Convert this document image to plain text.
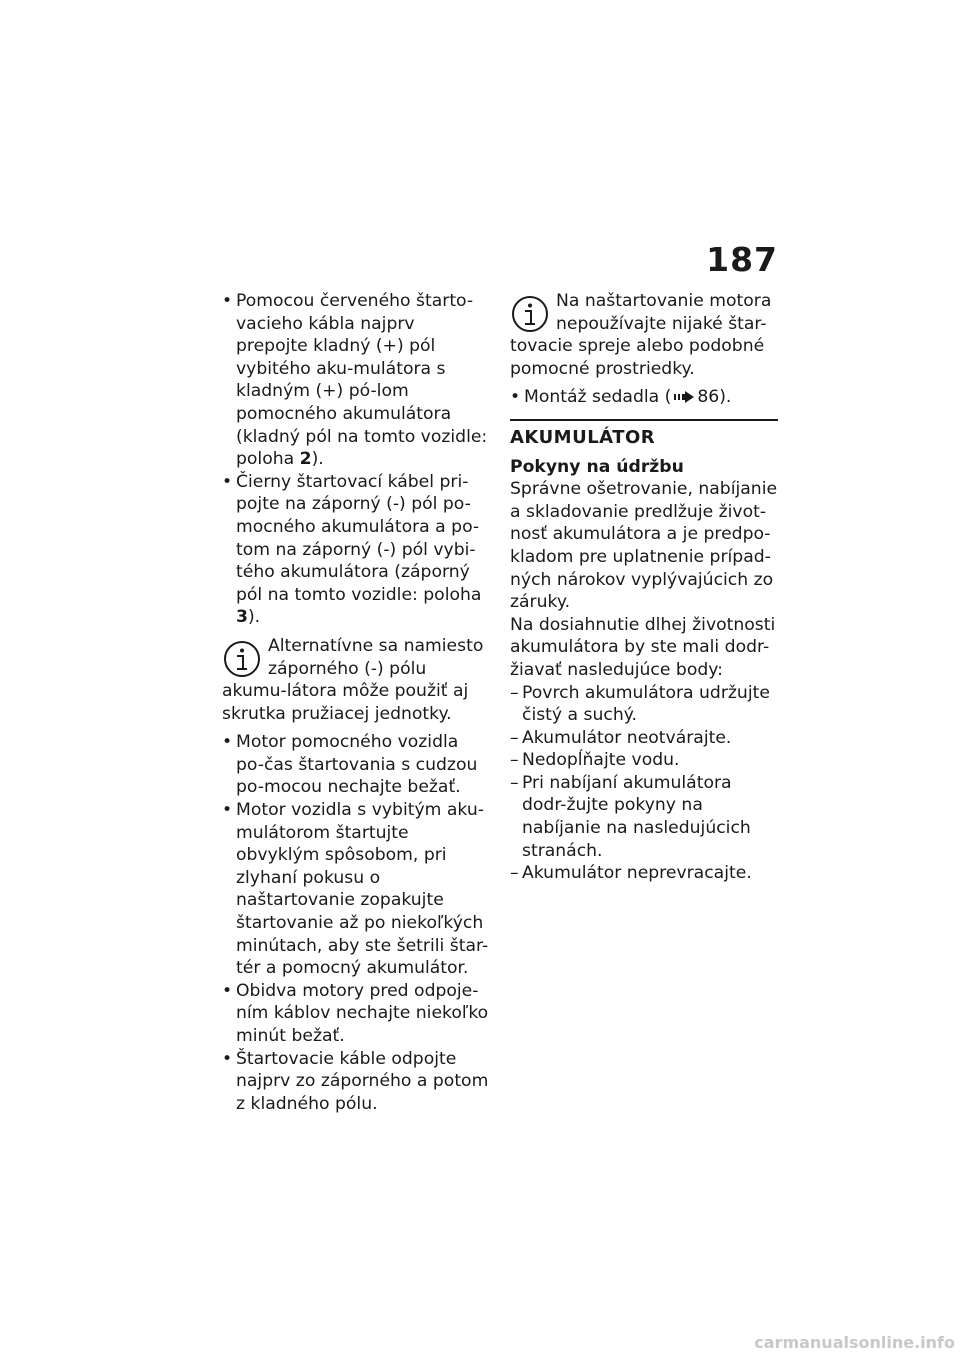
187
• Pomocou červeného štarto-vacieho kábla najprv prepojte kladný (+) pól vybitého aku-mulátora s kladným (+) pó-lom pomocného akumulátora (kladný pól na tomto vozidle: poloha 2).
• Čierny štartovací kábel pri-pojte na záporný (-) pól po-mocného akumulátora a po-tom na záporný (-) pól vybi-tého akumulátora (záporný pól na tomto vozidle: poloha 3).
Alternatívne sa namiesto záporného (-) pólu akumu-látora môže použiť aj skrutka pružiacej jednotky.
• Motor pomocného vozidla po-čas štartovania s cudzou po-mocou nechajte bežať.
• Motor vozidla s vybitým aku-mulátorom štartujte obvyklým spôsobom, pri zlyhaní pokusu o naštartovanie zopakujte štartovanie až po niekoľkých minútach, aby ste šetrili štar-tér a pomocný akumulátor.
• Obidva motory pred odpoje-ním káblov nechajte niekoľko minút bežať.
• Štartovacie káble odpojte najprv zo záporného a potom z kladného pólu.
Na naštartovanie motora nepoužívajte nijaké štar-tovacie spreje alebo podobné pomocné prostriedky.
• Montáž sedadla ( 86).
AKUMULÁTOR
Pokyny na údržbu

Správne ošetrovanie, nabíjanie a skladovanie predlžuje život-nosť akumulátora a je predpo-kladom pre uplatnenie prípad-ných nárokov vyplývajúcich zo záruky.

Na dosiahnutie dlhej životnosti akumulátora by ste mali dodr-žiavať nasledujúce body:

– Povrch akumulátora udržujte čistý a suchý.
– Akumulátor neotvárajte.
– Nedopĺňajte vodu.
– Pri nabíjaní akumulátora dodr-žujte pokyny na nabíjanie na nasledujúcich stranách.
– Akumulátor neprevracajte.
carmanualsonline.info
